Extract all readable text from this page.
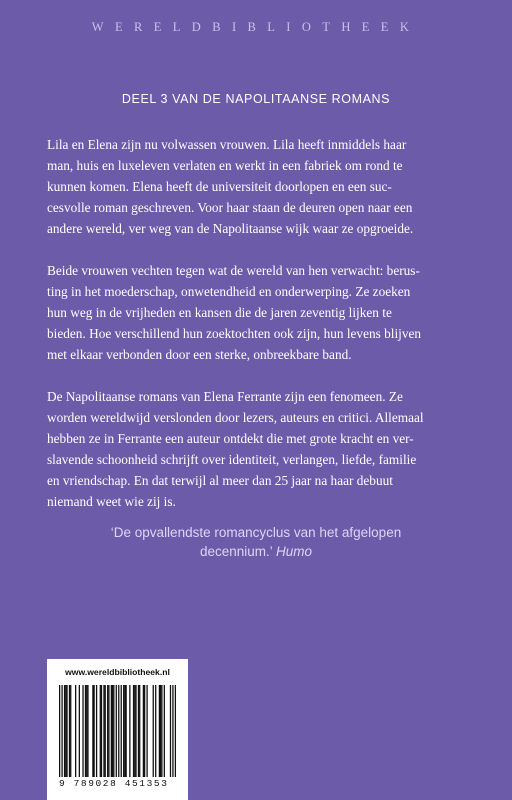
WERELDBIBLIOTHEEK
DEEL 3 VAN DE NAPOLITAANSE ROMANS
Lila en Elena zijn nu volwassen vrouwen. Lila heeft inmiddels haar
man, huis en luxeleven verlaten en werkt in een fabriek om rond te
kunnen komen. Elena heeft de universiteit doorlopen en een suc-
cesvolle roman geschreven. Voor haar staan de deuren open naar een
andere wereld, ver weg van de Napolitaanse wijk waar ze opgroeide.
Beide vrouwen vechten tegen wat de wereld van hen verwacht: berus-
ting in het moederschap, onwetendheid en onderwerping. Ze zoeken
hun weg in de vrijheden en kansen die de jaren zeventig lijken te
bieden. Hoe verschillend hun zoektochten ook zijn, hun levens blijven
met elkaar verbonden door een sterke, onbreekbare band.
De Napolitaanse romans van Elena Ferrante zijn een fenomeen. Ze
worden wereldwijd verslonden door lezers, auteurs en critici. Allemaal
hebben ze in Ferrante een auteur ontdekt die met grote kracht en ver-
slavende schoonheid schrijft over identiteit, verlangen, liefde, familie
en vriendschap. En dat terwijl al meer dan 25 jaar na haar debuut
niemand weet wie zij is.
‘De opvallendste romancyclus van het afgelopen
decennium.’ Humo
www.wereldbibliotheek.nl
9 789028 451353
